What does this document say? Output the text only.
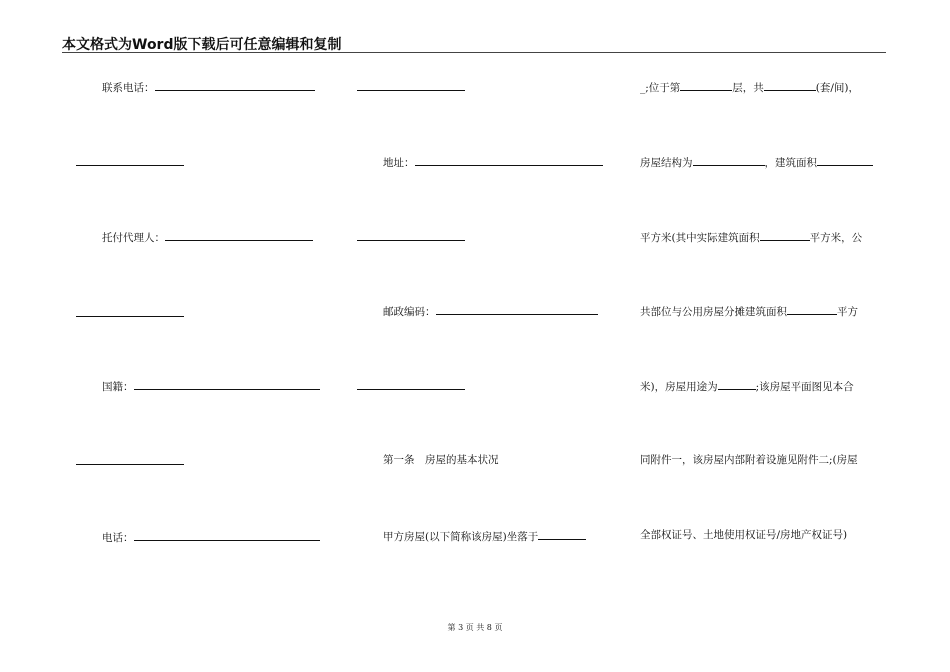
本文格式为Word版下载后可任意编辑和复制
联系电话：
托付代理人：
国籍：
电话：
地址：
邮政编码：
第一条　房屋的基本状况
甲方房屋(以下简称该房屋)坐落于
_;位于第	层，共	(套/间)，
房屋结构为	，建筑面积
平方米(其中实际建筑面积	平方米，公
共部位与公用房屋分摊建筑面积	平方
米)，房屋用途为	;该房屋平面图见本合
同附件一，该房屋内部附着设施见附件二;(房屋
全部权证号、土地使用权证号/房地产权证号)
第 3 页 共 8 页
